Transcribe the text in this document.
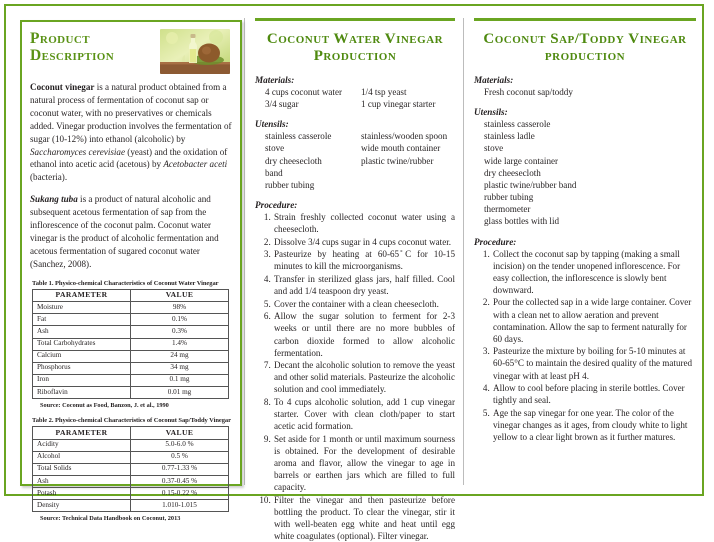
Product Description

Coconut vinegar is a natural product obtained from a natural process of fermentation of coconut sap or coconut water, with no preservatives or chemicals added. Vinegar production involves the fermentation of sugar (10-12%) into ethanol (alcoholic) by Saccharomyces cerevisiae (yeast) and the oxidation of ethanol into acetic acid (acetous) by Acetobacter aceti (bacteria).

Sukang tuba is a product of natural alcoholic and subsequent acetous fermentation of sap from the inflorescence of the coconut palm. Coconut water vinegar is the product of alcoholic fermentation and acetous fermentation of sugared coconut water (Sanchez, 2008).

Table 1. Physico-chemical Characteristics of Coconut Water Vinegar
PARAMETER	VALUE
Moisture	98%
Fat	0.1%
Ash	0.3%
Total Carbohydrates	1.4%
Calcium	24 mg
Phosphorus	34 mg
Iron	0.1 mg
Riboflavin	0.01 mg
Source: Coconut as Food, Banzon, J. et al., 1990
Table 2. Physico-chemical Characteristics of Coconut Sap/Toddy Vinegar
PARAMETER	VALUE
Acidity	5.0-6.0 %
Alcohol	0.5 %
Total Solids	0.77-1.33 %
Ash	0.37-0.45 %
Potash	0.15-0.22 %
Density	1.010-1.015
Source: Technical Data Handbook on Coconut, 2013
Coconut Water Vinegar Production
Materials:
4 cups coconut water	1/4 tsp yeast
3/4 sugar	1 cup vinegar starter
Utensils:
stainless casserole	stainless/wooden spoon
stove	wide mouth container
dry cheesecloth	plastic twine/rubber
band
rubber tubing
Procedure:
1. Strain freshly collected coconut water using a cheesecloth.
2. Dissolve 3/4 cups sugar in 4 cups coconut water.
3. Pasteurize by heating at 60-65 ̊C for 10-15 minutes to kill the microorganisms.
4. Transfer in sterilized glass jars, half filled. Cool and add 1/4 teaspoon dry yeast.
5. Cover the container with a clean cheesecloth.
6. Allow the sugar solution to ferment for 2-3 weeks or until there are no more bubbles of carbon dioxide formed to allow alcoholic fermentation.
7. Decant the alcoholic solution to remove the yeast and other solid materials. Pasteurize the alcoholic solution and cool immediately.
8. To 4 cups alcoholic solution, add 1 cup vinegar starter. Cover with clean cloth/paper to start acetic acid formation.
9. Set aside for 1 month or until maximum sourness is obtained. For the development of desirable aroma and flavor, allow the vinegar to age in barrels or earthen jars which are filled to full capacity.
10. Filter the vinegar and then pasteurize before bottling the product. To clear the vinegar, stir it with well-beaten egg white and heat until egg white coagulates (optional). Filter vinegar.
Coconut Sap/Toddy Vinegar production
Materials:
Fresh coconut sap/toddy
Utensils:
stainless casserole
stainless ladle
stove
wide large container
dry cheesecloth
plastic twine/rubber band
rubber tubing
thermometer
glass bottles with lid
Procedure:
1. Collect the coconut sap by tapping (making a small incision) on the tender unopened inflorescence. For easy collection, the inflorescence is slowly bent downward.
2. Pour the collected sap in a wide large container. Cover with a clean net to allow aeration and prevent contamination. Allow the sap to ferment naturally for 60 days.
3. Pasteurize the mixture by boiling for 5-10 minutes at 60-65°C to maintain the desired quality of the matured vinegar with at least pH 4.
4. Allow to cool before placing in sterile bottles. Cover tightly and seal.
5. Age the sap vinegar for one year. The color of the vinegar changes as it ages, from cloudy white to light yellow to a clear light brown as it further matures.
